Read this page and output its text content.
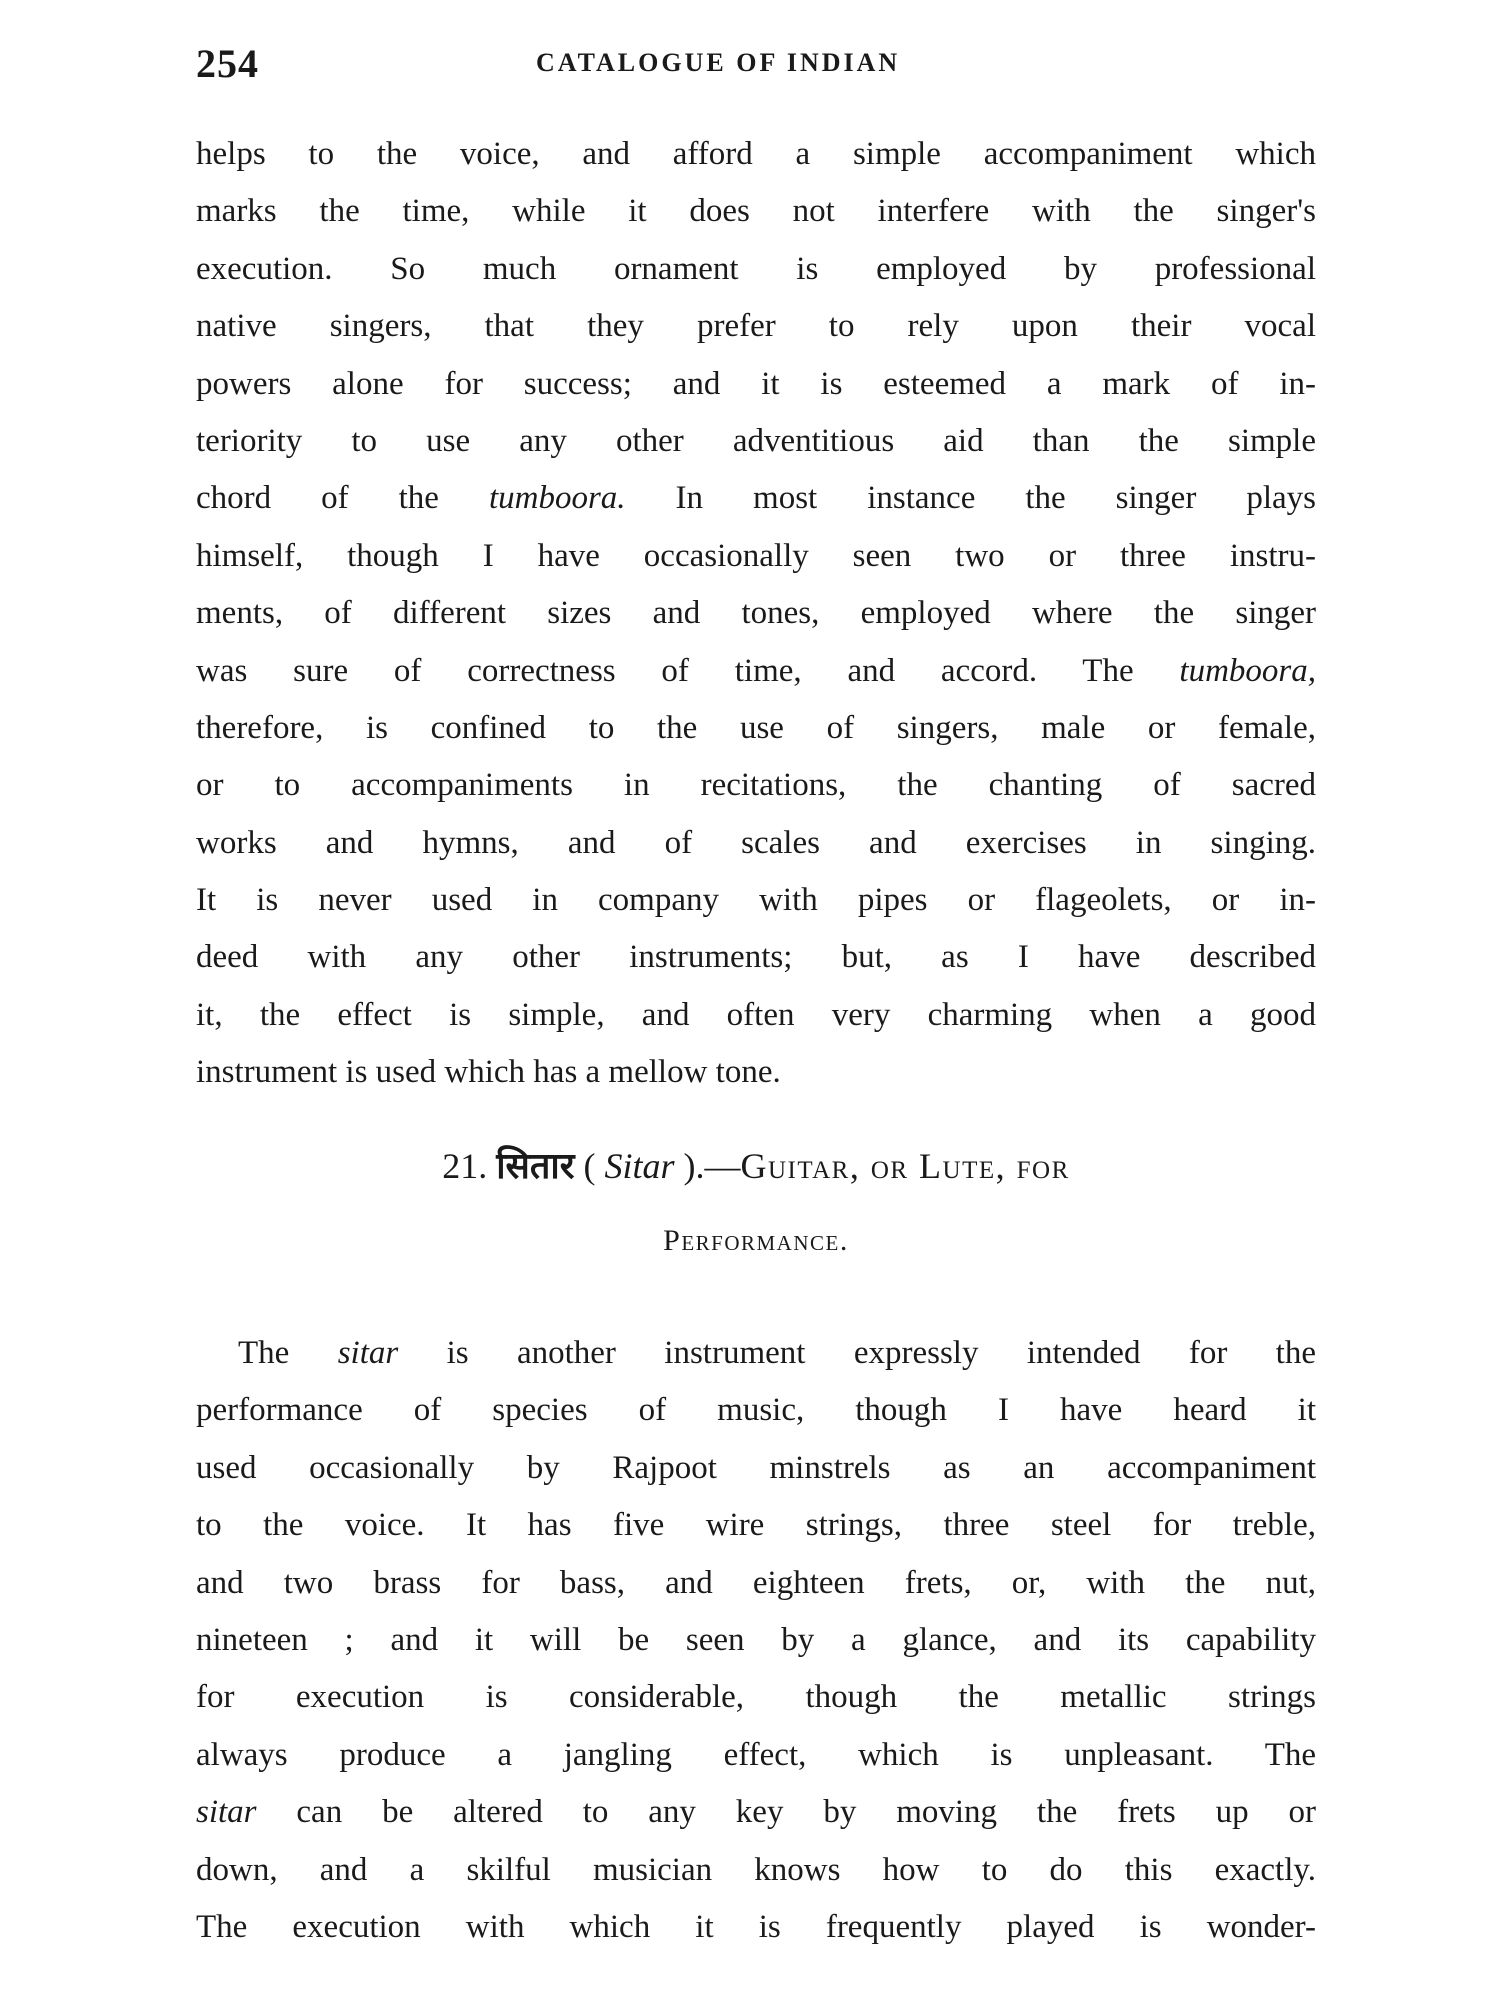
254	CATALOGUE OF INDIAN
helps to the voice, and afford a simple accompaniment which
marks the time, while it does not interfere with the singer's
execution. So much ornament is employed by professional
native singers, that they prefer to rely upon their vocal
powers alone for success; and it is esteemed a mark of in-
teriority to use any other adventitious aid than the simple
chord of the tumboora. In most instance the singer plays
himself, though I have occasionally seen two or three instru-
ments, of different sizes and tones, employed where the singer
was sure of correctness of time, and accord. The tumboora,
therefore, is confined to the use of singers, male or female,
or to accompaniments in recitations, the chanting of sacred
works and hymns, and of scales and exercises in singing.
It is never used in company with pipes or flageolets, or in-
deed with any other instruments; but, as I have described
it, the effect is simple, and often very charming when a good
instrument is used which has a mellow tone.
21. सितार ( Sitar ).—Guitar, or Lute, for
Performance.
The sitar is another instrument expressly intended for the
performance of species of music, though I have heard it
used occasionally by Rajpoot minstrels as an accompaniment
to the voice. It has five wire strings, three steel for treble,
and two brass for bass, and eighteen frets, or, with the nut,
nineteen ; and it will be seen by a glance, and its capability
for execution is considerable, though the metallic strings
always produce a jangling effect, which is unpleasant. The
sitar can be altered to any key by moving the frets up or
down, and a skilful musician knows how to do this exactly.
The execution with which it is frequently played is wonder-
